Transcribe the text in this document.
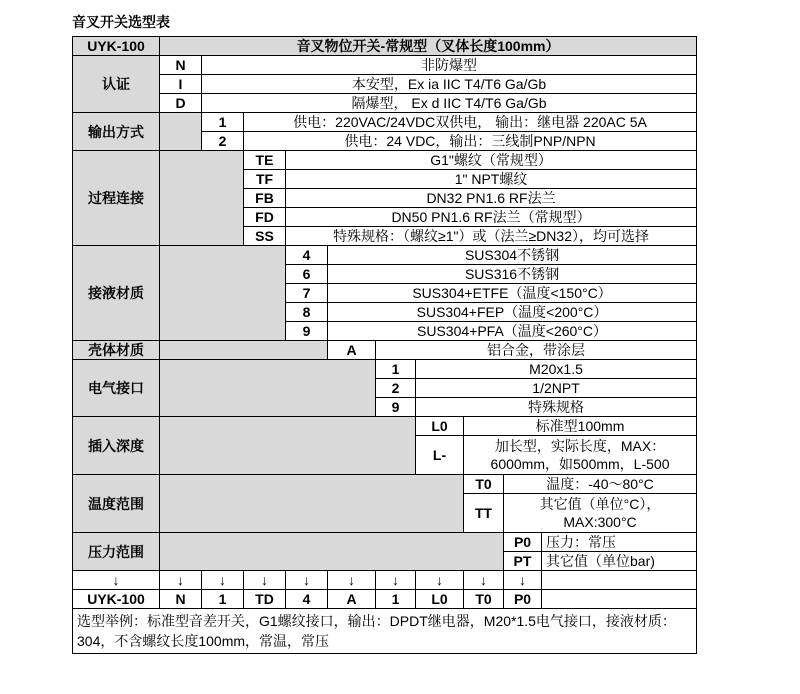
音叉开关选型表
UYK-100	音叉物位开关-常规型（叉体长度100mm）									
认证	N	非防爆型								
	I	本安型，Ex ia IIC T4/T6 Ga/Gb								
	D	隔爆型， Ex d IIC T4/T6 Ga/Gb								
输出方式		1	供电：220VAC/24VDC双供电， 输出：继电器 220AC 5A							
		2	供电：24 VDC，输出：三线制PNP/NPN							
过程连接			TE	G1"螺纹（常规型）						
			TF	1" NPT螺纹						
			FB	DN32 PN1.6 RF法兰						
			FD	DN50 PN1.6 RF法兰（常规型）						
			SS	特殊规格：（螺纹≥1"）或（法兰≥DN32），均可选择						
接液材质				4	SUS304不锈钢					
				6	SUS316不锈钢					
				7	SUS304+ETFE（温度<150°C）					
				8	SUS304+FEP（温度<200°C）					
				9	SUS304+PFA（温度<260°C）					
壳体材质					A	铝合金，带涂层				
电气接口						1	M20x1.5			
						2	1/2NPT			
						9	特殊规格			
插入深度							L0	标准型100mm		
							L-	加长型，实际长度，MAX：6000mm，如500mm，L-500		

温度范围								T0	温度：-40～80°C	
								TT	其它值（单位°C），MAX:300°C	

压力范围									P0	压力：常压
									PT	其它值（单位bar)
↓	↓	↓	↓	↓	↓	↓	↓	↓	↓	
UYK-100	N	1	TD	4	A	1	L0	T0	P0	
选型举例：标准型音差开关，G1螺纹接口，输出：DPDT继电器，M20*1.5电气接口，接液材质：304，不含螺纹长度100mm，常温，常压										
